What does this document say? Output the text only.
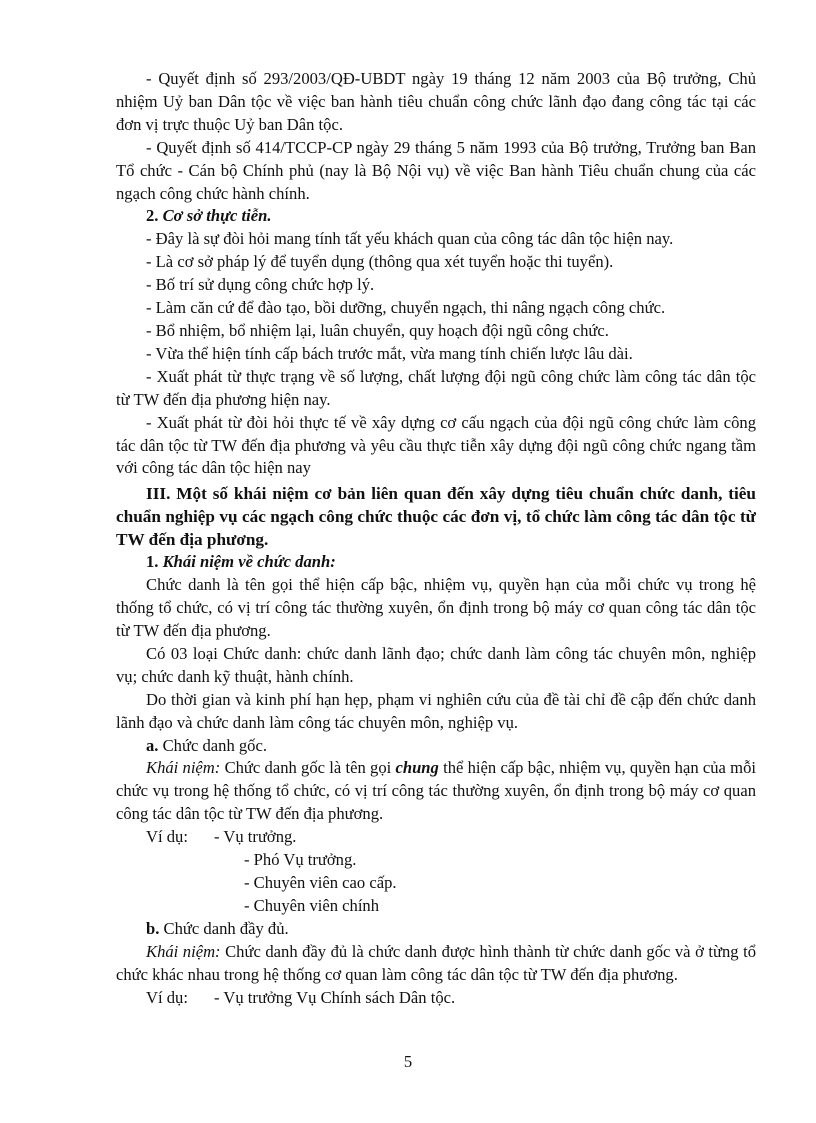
- Quyết định số 293/2003/QĐ-UBDT ngày 19 tháng 12 năm 2003 của Bộ trưởng, Chủ nhiệm Uỷ ban Dân tộc về việc ban hành tiêu chuẩn công chức lãnh đạo đang công tác tại các đơn vị trực thuộc Uỷ ban Dân tộc.

- Quyết định số 414/TCCP-CP ngày 29 tháng 5 năm 1993 của Bộ trưởng, Trưởng ban Ban Tổ chức - Cán bộ Chính phủ (nay là Bộ Nội vụ) về việc Ban hành Tiêu chuẩn chung của các ngạch công chức hành chính.

2. Cơ sở thực tiễn.

- Đây là sự đòi hỏi mang tính tất yếu khách quan của công tác dân tộc hiện nay.

- Là cơ sở pháp lý để tuyển dụng (thông qua xét tuyển hoặc thi tuyển).

- Bố trí sử dụng công chức hợp lý.

- Làm căn cứ để đào tạo, bồi dưỡng, chuyển ngạch, thi nâng ngạch công chức.

- Bổ nhiệm, bổ nhiệm lại, luân chuyển, quy hoạch đội ngũ công chức.

- Vừa thể hiện tính cấp bách trước mắt, vừa mang tính chiến lược lâu dài.

- Xuất phát từ thực trạng về số lượng, chất lượng đội ngũ công chức làm công tác dân tộc từ TW đến địa phương hiện nay.

- Xuất phát từ đòi hỏi thực tế về xây dựng cơ cấu ngạch của đội ngũ công chức làm công tác dân tộc từ TW đến địa phương và yêu cầu thực tiễn xây dựng đội ngũ công chức ngang tầm với công tác dân tộc hiện nay

III. Một số khái niệm cơ bản liên quan đến xây dựng tiêu chuẩn chức danh, tiêu chuẩn nghiệp vụ các ngạch công chức thuộc các đơn vị, tổ chức làm công tác dân tộc từ TW đến địa phương.

1. Khái niệm về chức danh:

Chức danh là tên gọi thể hiện cấp bậc, nhiệm vụ, quyền hạn của mỗi chức vụ trong hệ thống tổ chức, có vị trí công tác thường xuyên, ổn định trong bộ máy cơ quan công tác dân tộc từ TW đến địa phương.

Có 03 loại Chức danh: chức danh lãnh đạo; chức danh làm công tác chuyên môn, nghiệp vụ; chức danh kỹ thuật, hành chính.

Do thời gian và kinh phí hạn hẹp, phạm vi nghiên cứu của đề tài chỉ đề cập đến chức danh lãnh đạo và chức danh làm công tác chuyên môn, nghiệp vụ.

a. Chức danh gốc.

Khái niệm: Chức danh gốc là tên gọi chung thể hiện cấp bậc, nhiệm vụ, quyền hạn của mỗi chức vụ trong hệ thống tổ chức, có vị trí công tác thường xuyên, ổn định trong bộ máy cơ quan công tác dân tộc từ TW đến địa phương.

Ví dụ:	- Vụ trưởng.

- Phó Vụ trưởng.

- Chuyên viên cao cấp.

- Chuyên viên chính

b. Chức danh đầy đủ.

Khái niệm: Chức danh đầy đủ là chức danh được hình thành từ chức danh gốc và ở từng tổ chức khác nhau trong hệ thống cơ quan làm công tác dân tộc từ TW đến địa phương.

Ví dụ:	- Vụ trưởng Vụ Chính sách Dân tộc.
5
